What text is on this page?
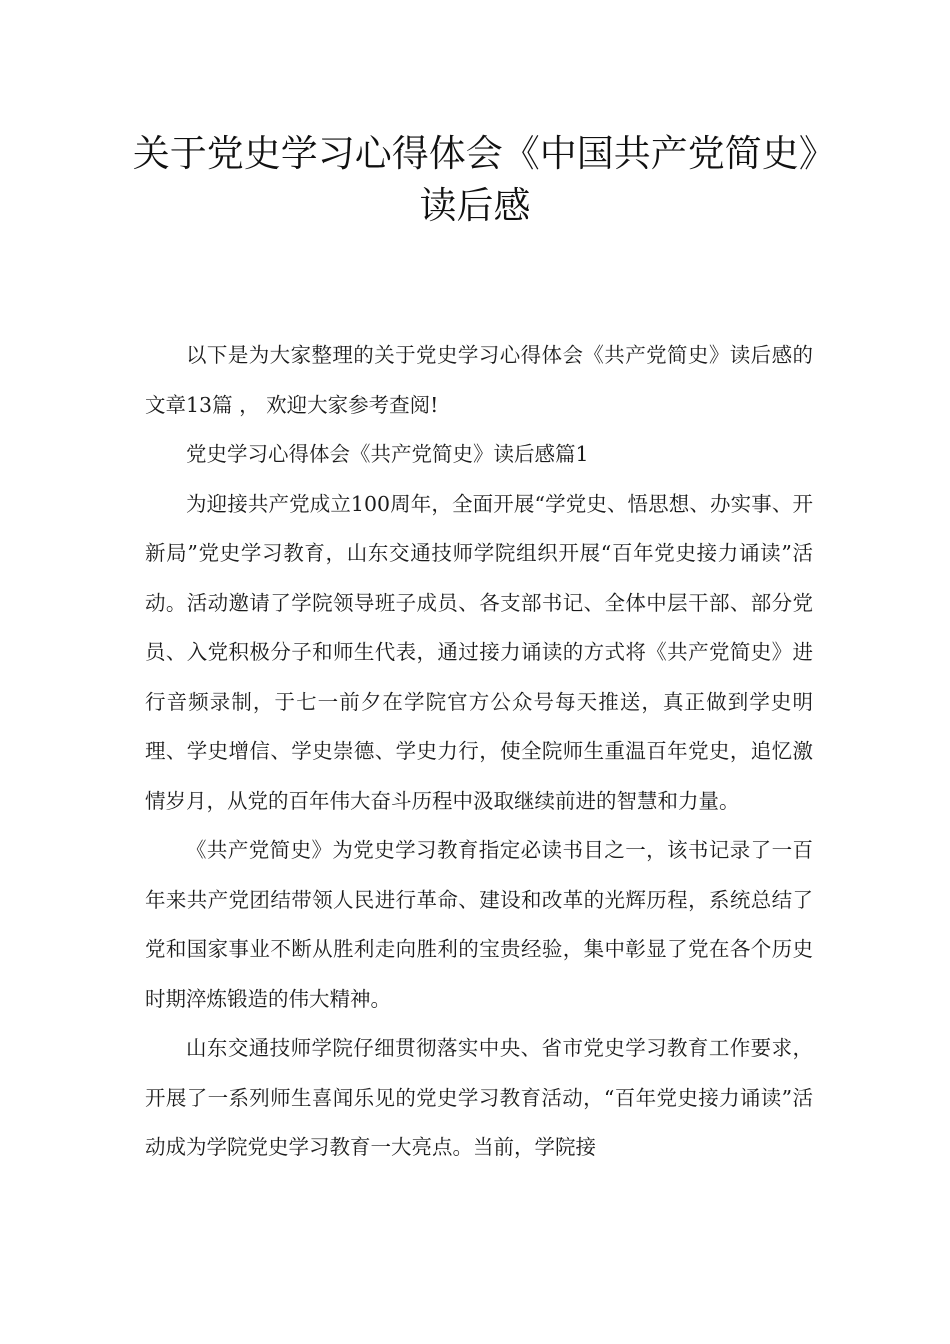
关于党史学习心得体会《中国共产党简史》读后感

以下是为大家整理的关于党史学习心得体会《共产党简史》读后感的文章13篇 ， 欢迎大家参考查阅!

党史学习心得体会《共产党简史》读后感篇1

为迎接共产党成立100周年，全面开展“学党史、悟思想、办实事、开新局”党史学习教育，山东交通技师学院组织开展“百年党史接力诵读”活动。活动邀请了学院领导班子成员、各支部书记、全体中层干部、部分党员、入党积极分子和师生代表，通过接力诵读的方式将《共产党简史》进行音频录制，于七一前夕在学院官方公众号每天推送，真正做到学史明理、学史增信、学史崇德、学史力行，使全院师生重温百年党史，追忆激情岁月，从党的百年伟大奋斗历程中汲取继续前进的智慧和力量。

《共产党简史》为党史学习教育指定必读书目之一，该书记录了一百年来共产党团结带领人民进行革命、建设和改革的光辉历程，系统总结了党和国家事业不断从胜利走向胜利的宝贵经验，集中彰显了党在各个历史时期淬炼锻造的伟大精神。

山东交通技师学院仔细贯彻落实中央、省市党史学习教育工作要求，开展了一系列师生喜闻乐见的党史学习教育活动，“百年党史接力诵读”活动成为学院党史学习教育一大亮点。当前，学院接
